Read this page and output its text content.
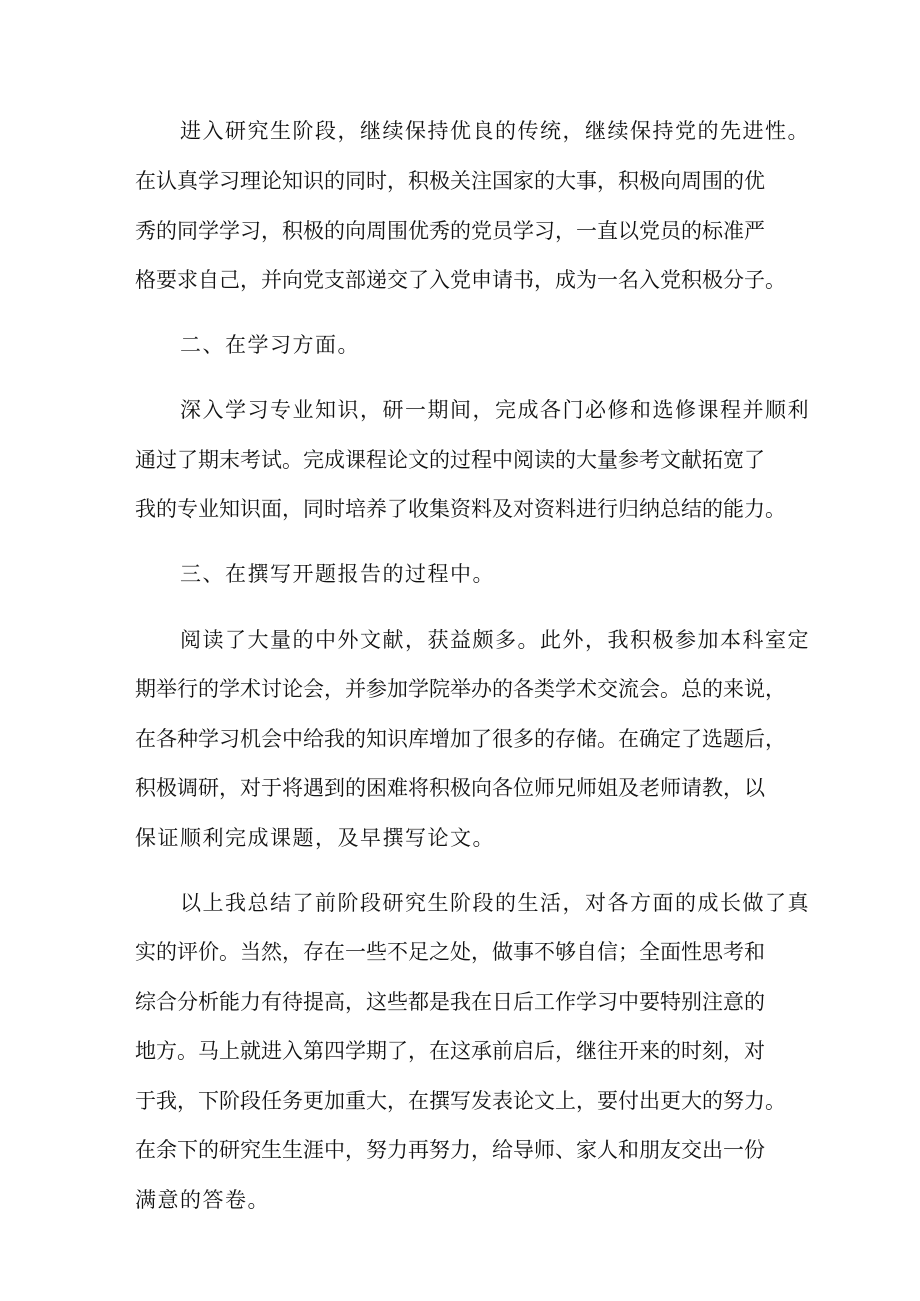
进入研究生阶段，继续保持优良的传统，继续保持党的先进性。
在认真学习理论知识的同时，积极关注国家的大事，积极向周围的优
秀的同学学习，积极的向周围优秀的党员学习，一直以党员的标准严
格要求自己，并向党支部递交了入党申请书，成为一名入党积极分子。
二、在学习方面。
深入学习专业知识，研一期间，完成各门必修和选修课程并顺利
通过了期末考试。完成课程论文的过程中阅读的大量参考文献拓宽了
我的专业知识面，同时培养了收集资料及对资料进行归纳总结的能力。
三、在撰写开题报告的过程中。
阅读了大量的中外文献，获益颇多。此外，我积极参加本科室定
期举行的学术讨论会，并参加学院举办的各类学术交流会。总的来说，
在各种学习机会中给我的知识库增加了很多的存储。在确定了选题后，
积极调研，对于将遇到的困难将积极向各位师兄师姐及老师请教，以
保证顺利完成课题，及早撰写论文。
以上我总结了前阶段研究生阶段的生活，对各方面的成长做了真
实的评价。当然，存在一些不足之处，做事不够自信；全面性思考和
综合分析能力有待提高，这些都是我在日后工作学习中要特别注意的
地方。马上就进入第四学期了，在这承前启后，继往开来的时刻，对
于我，下阶段任务更加重大，在撰写发表论文上，要付出更大的努力。
在余下的研究生生涯中，努力再努力，给导师、家人和朋友交出一份
满意的答卷。
